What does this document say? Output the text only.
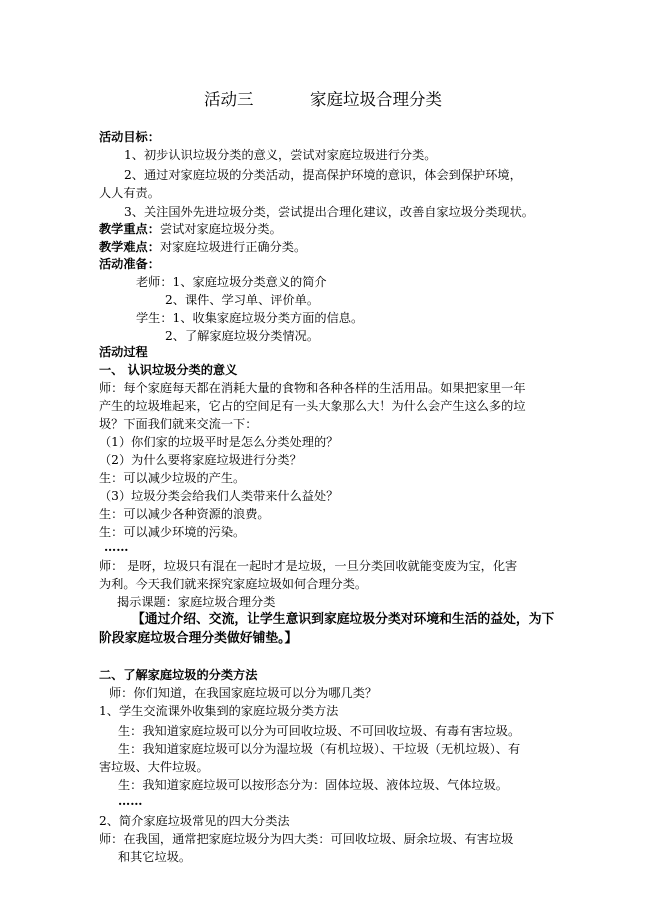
活动三	家庭垃圾合理分类
活动目标：
1、初步认识垃圾分类的意义，尝试对家庭垃圾进行分类。
2、通过对家庭垃圾的分类活动，提高保护环境的意识，体会到保护环境，
人人有责。
3、关注国外先进垃圾分类，尝试提出合理化建议，改善自家垃圾分类现状。
教学重点：尝试对家庭垃圾分类。
教学难点：对家庭垃圾进行正确分类。
活动准备：
老师：1、家庭垃圾分类意义的简介
2、课件、学习单、评价单。
学生：1、收集家庭垃圾分类方面的信息。
2、了解家庭垃圾分类情况。
活动过程
一、 认识垃圾分类的意义
师：每个家庭每天都在消耗大量的食物和各种各样的生活用品。如果把家里一年
产生的垃圾堆起来，它占的空间足有一头大象那么大！为什么会产生这么多的垃
圾？下面我们就来交流一下：
（1）你们家的垃圾平时是怎么分类处理的？
（2）为什么要将家庭垃圾进行分类？
生：可以减少垃圾的产生。
（3）垃圾分类会给我们人类带来什么益处？
生：可以减少各种资源的浪费。
生：可以减少环境的污染。
……
师： 是呀，垃圾只有混在一起时才是垃圾，一旦分类回收就能变废为宝，化害
为利。今天我们就来探究家庭垃圾如何合理分类。
揭示课题：家庭垃圾合理分类
【通过介绍、交流，让学生意识到家庭垃圾分类对环境和生活的益处，为下
阶段家庭垃圾合理分类做好铺垫。】
二、了解家庭垃圾的分类方法
师：你们知道，在我国家庭垃圾可以分为哪几类？
1、学生交流课外收集到的家庭垃圾分类方法
生：我知道家庭垃圾可以分为可回收垃圾、不可回收垃圾、有毒有害垃圾。
生：我知道家庭垃圾可以分为湿垃圾（有机垃圾）、干垃圾（无机垃圾）、有
害垃圾、大件垃圾。
生：我知道家庭垃圾可以按形态分为：固体垃圾、液体垃圾、气体垃圾。
……
2、简介家庭垃圾常见的四大分类法
师：在我国，通常把家庭垃圾分为四大类：可回收垃圾、厨余垃圾、有害垃圾
和其它垃圾。
